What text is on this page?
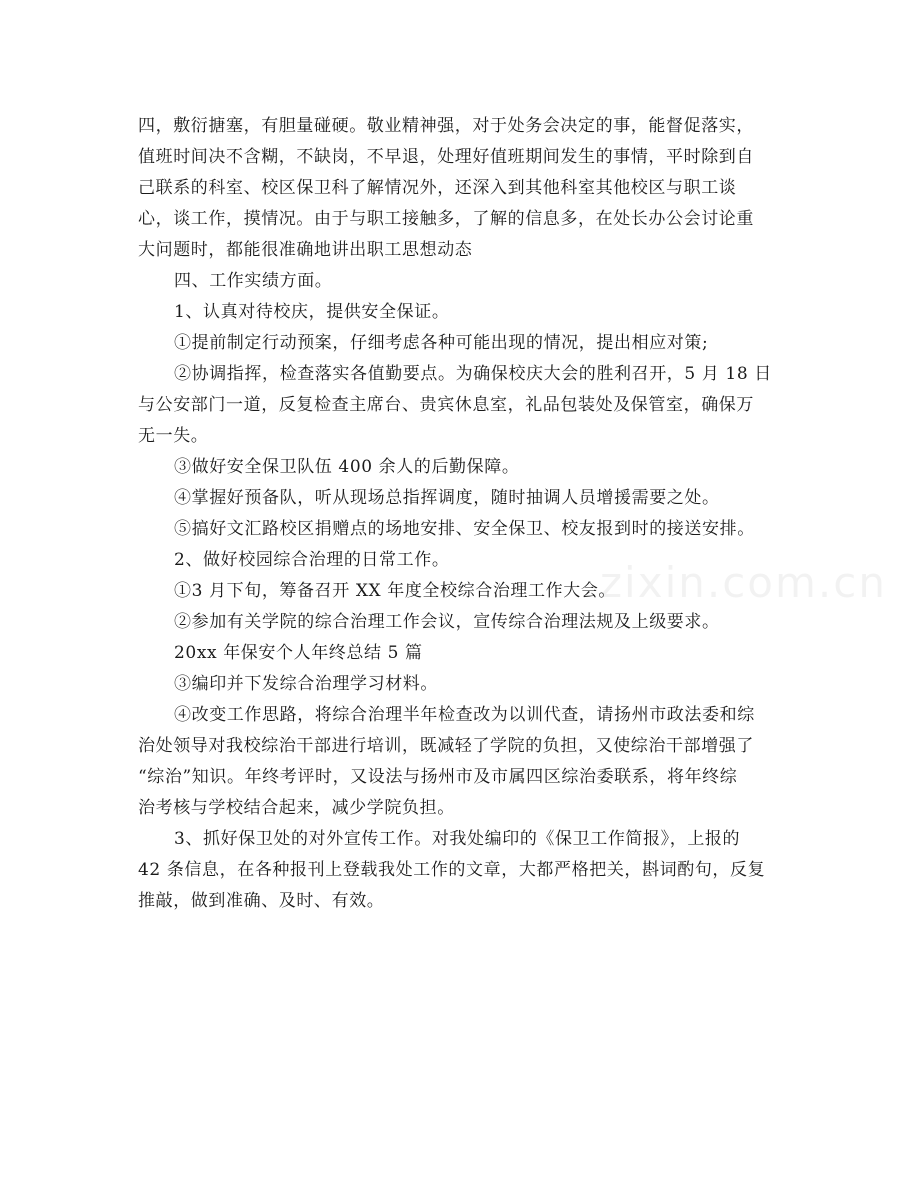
四，敷衍搪塞，有胆量碰硬。敬业精神强，对于处务会决定的事，能督促落实，
值班时间决不含糊，不缺岗，不早退，处理好值班期间发生的事情，平时除到自
己联系的科室、校区保卫科了解情况外，还深入到其他科室其他校区与职工谈
心，谈工作，摸情况。由于与职工接触多，了解的信息多，在处长办公会讨论重
大问题时，都能很准确地讲出职工思想动态
四、工作实绩方面。
1、认真对待校庆，提供安全保证。
①提前制定行动预案，仔细考虑各种可能出现的情况，提出相应对策;
②协调指挥，检查落实各值勤要点。为确保校庆大会的胜利召开，5 月 18 日
与公安部门一道，反复检查主席台、贵宾休息室，礼品包装处及保管室，确保万
无一失。
③做好安全保卫队伍 400 余人的后勤保障。
④掌握好预备队，听从现场总指挥调度，随时抽调人员增援需要之处。
⑤搞好文汇路校区捐赠点的场地安排、安全保卫、校友报到时的接送安排。
2、做好校园综合治理的日常工作。
①3 月下旬，筹备召开 XX 年度全校综合治理工作大会。
②参加有关学院的综合治理工作会议，宣传综合治理法规及上级要求。
20xx 年保安个人年终总结 5 篇
③编印并下发综合治理学习材料。
④改变工作思路，将综合治理半年检查改为以训代查，请扬州市政法委和综
治处领导对我校综治干部进行培训，既减轻了学院的负担，又使综治干部增强了
“综治”知识。年终考评时，又设法与扬州市及市属四区综治委联系，将年终综
治考核与学校结合起来，减少学院负担。
3、抓好保卫处的对外宣传工作。对我处编印的《保卫工作简报》，上报的
42 条信息，在各种报刊上登载我处工作的文章，大都严格把关，斟词酌句，反复
推敲，做到准确、及时、有效。
zixin.com.cn
